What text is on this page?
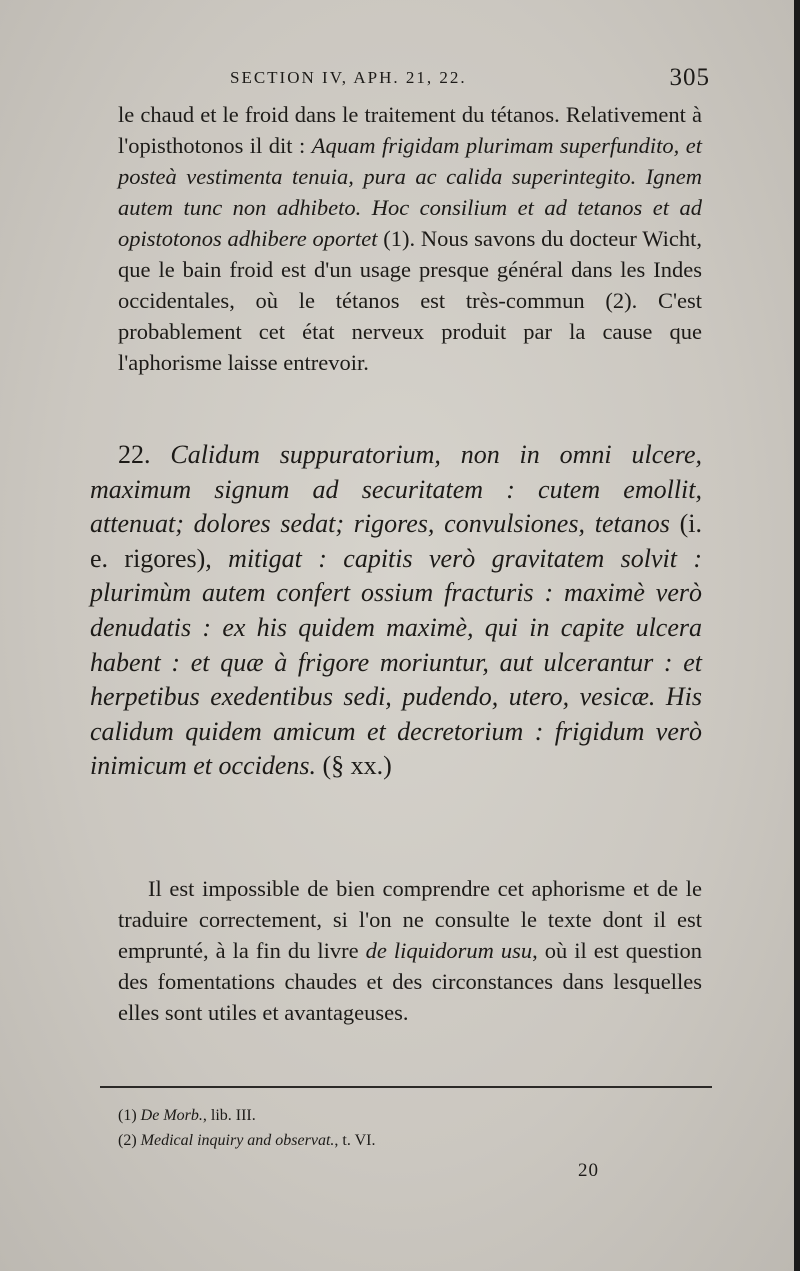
SECTION IV, APH. 21, 22.	305
le chaud et le froid dans le traitement du tétanos. Relativement à l'opisthotonos il dit : Aquam frigidam plurimam superfundito, et posteà vestimenta tenuia, pura ac calida superintegito. Ignem autem tunc non adhibeto. Hoc consilium et ad tetanos et ad opistotonos adhibere oportet (1). Nous savons du docteur Wicht, que le bain froid est d'un usage presque général dans les Indes occidentales, où le tétanos est très-commun (2). C'est probablement cet état nerveux produit par la cause que l'aphorisme laisse entrevoir.
22. Calidum suppuratorium, non in omni ulcere, maximum signum ad securitatem : cutem emollit, attenuat; dolores sedat; rigores, convulsiones, tetanos (i. e. rigores), mitigat : capitis verò gravitatem solvit : plurimùm autem confert ossium fracturis : maximè verò denudatis : ex his quidem maximè, qui in capite ulcera habent : et quæ à frigore moriuntur, aut ulcerantur : et herpetibus exedentibus sedi, pudendo, utero, vesicæ. His calidum quidem amicum et decretorium : frigidum verò inimicum et occidens. (§ xx.)
Il est impossible de bien comprendre cet aphorisme et de le traduire correctement, si l'on ne consulte le texte dont il est emprunté, à la fin du livre de liquidorum usu, où il est question des fomentations chaudes et des circonstances dans lesquelles elles sont utiles et avantageuses.
(1) De Morb., lib. III.
(2) Medical inquiry and observat., t. VI.
20
